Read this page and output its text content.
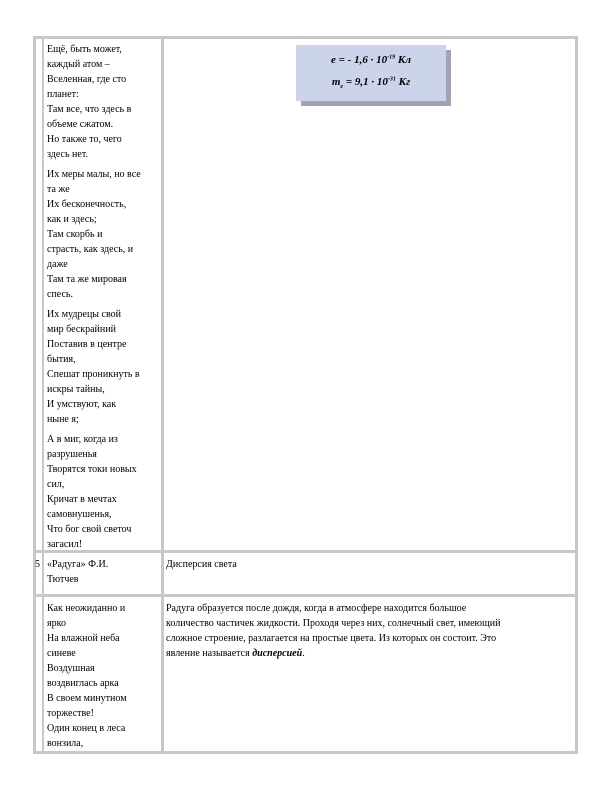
Ещё, быть может,

каждый атом –

Вселенная, где сто

планет:

Там все, что здесь в

объеме сжатом.

Но также то, чего

здесь нет.

Их меры малы, но все

та же

Их бесконечность,

как и здесь;

Там скорбь и

страсть, как здесь, и

даже

Там та же мировая

спесь.

Их мудрецы свой

мир бескрайний

Поставив в центре

бытия,

Спешат проникнуть в

искры тайны,

И умствуют, как

ныне я;

А в миг, когда из

разрушенья

Творятся токи новых

сил,

Кричат в мечтах

самовнушенья,

Что бог свой светоч

загасил!

e = - $1,6 \cdot 10^{-19}$ Кл
$m_e = 9,1 \cdot 10^{-31}$ Кг
5 «Радуга» Ф.И.
Тютчев
Дисперсия света
Как неожиданно и
ярко
На влажной неба
синеве
Воздушная
воздвиглась арка
В своем минутном
торжестве!
Один конец в леса
вонзила,
Радуга образуется после дождя, когда в атмосфере находится большое
количество частичек жидкости. Проходя через них, солнечный свет, имеющий
сложное строение, разлагается на простые цвета. Из которых он состоит. Это
явление называется дисперсией.
